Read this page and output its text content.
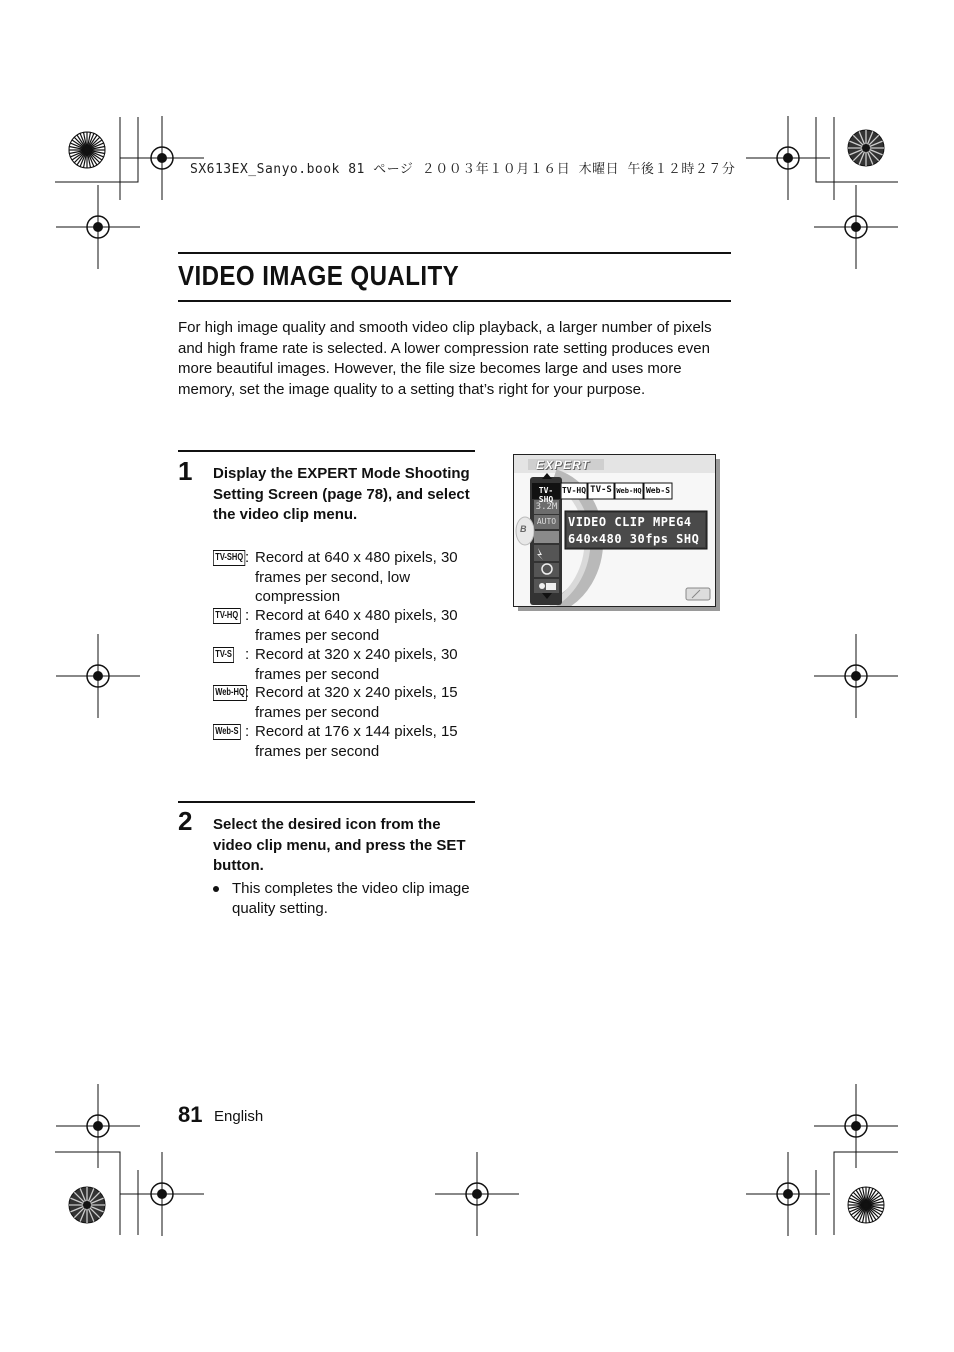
SX613EX_Sanyo.book 81 ページ ２００３年１０月１６日 木曜日 午後１２時２７分
VIDEO IMAGE QUALITY
For high image quality and smooth video clip playback, a larger number of pixels and high frame rate is selected. A lower compression rate setting produces even more beautiful images. However, the file size becomes large and uses more memory, set the image quality to a setting that’s right for your purpose.
1 Display the EXPERT Mode Shooting Setting Screen (page 78), and select the video clip menu.
TV-SHQ : Record at 640 x 480 pixels, 30 frames per second, low compression
TV-HQ : Record at 640 x 480 pixels, 30 frames per second
TV-S : Record at 320 x 240 pixels, 30 frames per second
Web-HQ : Record at 320 x 240 pixels, 15 frames per second
Web-S : Record at 176 x 144 pixels, 15 frames per second
2 Select the desired icon from the video clip menu, and press the SET button.
This completes the video clip image quality setting.
EXPERT
TV-SHQ
TV-HQ TV-S Web-HQ Web-S
3.2M
AUTO
B	VIDEO CLIP MPEG4
640×480 30fps SHQ
81 English
